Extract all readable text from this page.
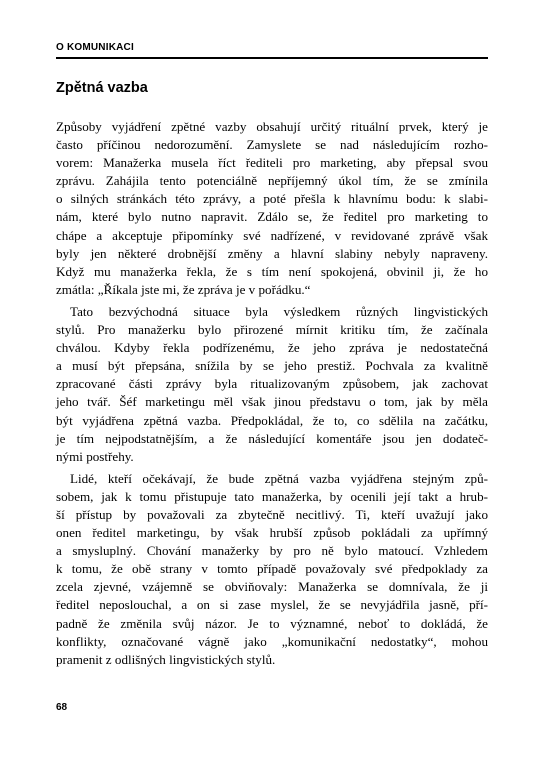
O KOMUNIKACI

Zpětná vazba
Způsoby vyjádření zpětné vazby obsahují určitý rituální prvek, který je
často příčinou nedorozumění. Zamyslete se nad následujícím rozho-
vorem: Manažerka musela říct řediteli pro marketing, aby přepsal svou
zprávu. Zahájila tento potenciálně nepříjemný úkol tím, že se zmínila
o silných stránkách této zprávy, a poté přešla k hlavnímu bodu: k slabi-
nám, které bylo nutno napravit. Zdálo se, že ředitel pro marketing to
chápe a akceptuje připomínky své nadřízené, v revidované zprávě však
byly jen některé drobnější změny a hlavní slabiny nebyly napraveny.
Když mu manažerka řekla, že s tím není spokojená, obvinil ji, že ho
zmátla: „Říkala jste mi, že zpráva je v pořádku.“
Tato bezvýchodná situace byla výsledkem různých lingvistických
stylů. Pro manažerku bylo přirozené mírnit kritiku tím, že začínala
chválou. Kdyby řekla podřízenému, že jeho zpráva je nedostatečná
a musí být přepsána, snížila by se jeho prestiž. Pochvala za kvalitně
zpracované části zprávy byla ritualizovaným způsobem, jak zachovat
jeho tvář. Šéf marketingu měl však jinou představu o tom, jak by měla
být vyjádřena zpětná vazba. Předpokládal, že to, co sdělila na začátku,
je tím nejpodstatnějším, a že následující komentáře jsou jen dodateč-
nými postřehy.
Lidé, kteří očekávají, že bude zpětná vazba vyjádřena stejným způ-
sobem, jak k tomu přistupuje tato manažerka, by ocenili její takt a hrub-
ší přístup by považovali za zbytečně necitlivý. Ti, kteří uvažují jako
onen ředitel marketingu, by však hrubší způsob pokládali za upřímný
a smysluplný. Chování manažerky by pro ně bylo matoucí. Vzhledem
k tomu, že obě strany v tomto případě považovaly své předpoklady za
zcela zjevné, vzájemně se obviňovaly: Manažerka se domnívala, že ji
ředitel neposlouchal, a on si zase myslel, že se nevyjádřila jasně, pří-
padně že změnila svůj názor. Je to významné, neboť to dokládá, že
konflikty, označované vágně jako „komunikační nedostatky“, mohou
pramenit z odlišných lingvistických stylů.

68
